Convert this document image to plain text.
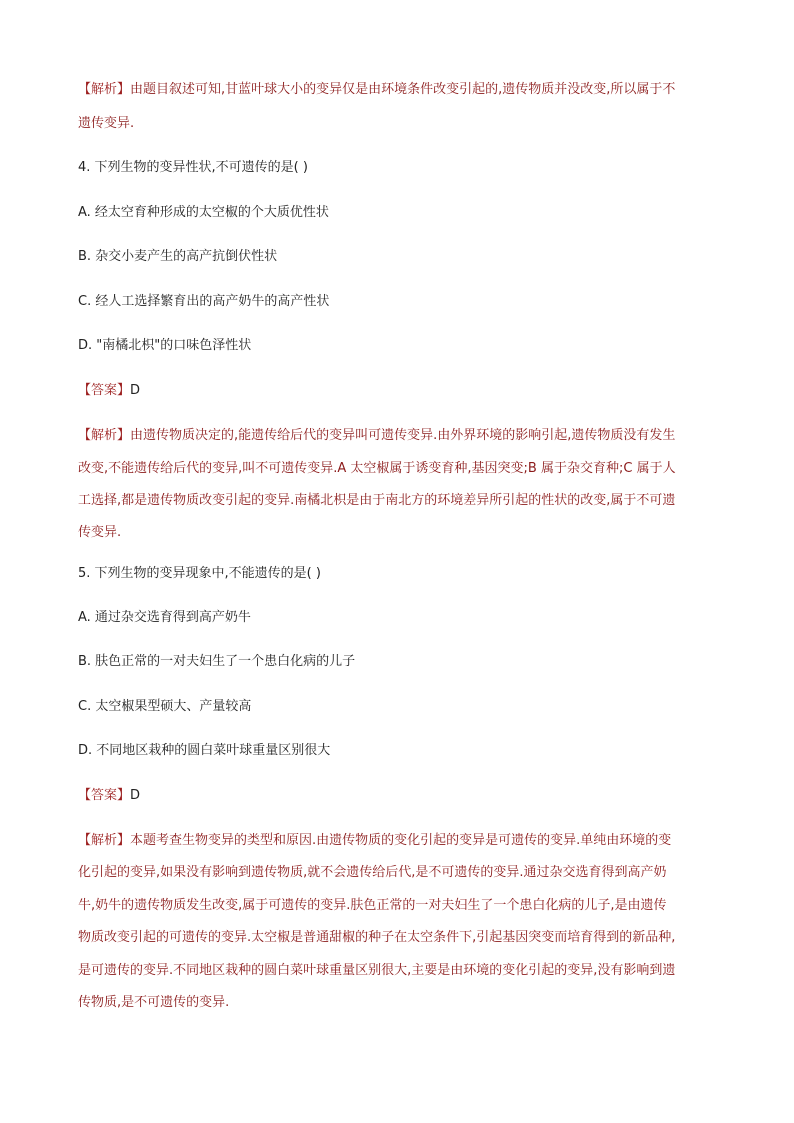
【解析】由题目叙述可知,甘蓝叶球大小的变异仅是由环境条件改变引起的,遗传物质并没改变,所以属于不
遗传变异.
4. 下列生物的变异性状,不可遗传的是( )
A. 经太空育种形成的太空椒的个大质优性状
B. 杂交小麦产生的高产抗倒伏性状
C. 经人工选择繁育出的高产奶牛的高产性状
D. "南橘北枳"的口味色泽性状
【答案】D
【解析】由遗传物质决定的,能遗传给后代的变异叫可遗传变异.由外界环境的影响引起,遗传物质没有发生
改变,不能遗传给后代的变异,叫不可遗传变异.A 太空椒属于诱变育种,基因突变;B 属于杂交育种;C 属于人
工选择,都是遗传物质改变引起的变异.南橘北枳是由于南北方的环境差异所引起的性状的改变,属于不可遗
传变异.
5. 下列生物的变异现象中,不能遗传的是( )
A. 通过杂交选育得到高产奶牛
B. 肤色正常的一对夫妇生了一个患白化病的儿子
C. 太空椒果型硕大、产量较高
D. 不同地区栽种的圆白菜叶球重量区别很大
【答案】D
【解析】本题考查生物变异的类型和原因.由遗传物质的变化引起的变异是可遗传的变异.单纯由环境的变
化引起的变异,如果没有影响到遗传物质,就不会遗传给后代,是不可遗传的变异.通过杂交选育得到高产奶
牛,奶牛的遗传物质发生改变,属于可遗传的变异.肤色正常的一对夫妇生了一个患白化病的儿子,是由遗传
物质改变引起的可遗传的变异.太空椒是普通甜椒的种子在太空条件下,引起基因突变而培育得到的新品种,
是可遗传的变异.不同地区栽种的圆白菜叶球重量区别很大,主要是由环境的变化引起的变异,没有影响到遗
传物质,是不可遗传的变异.
